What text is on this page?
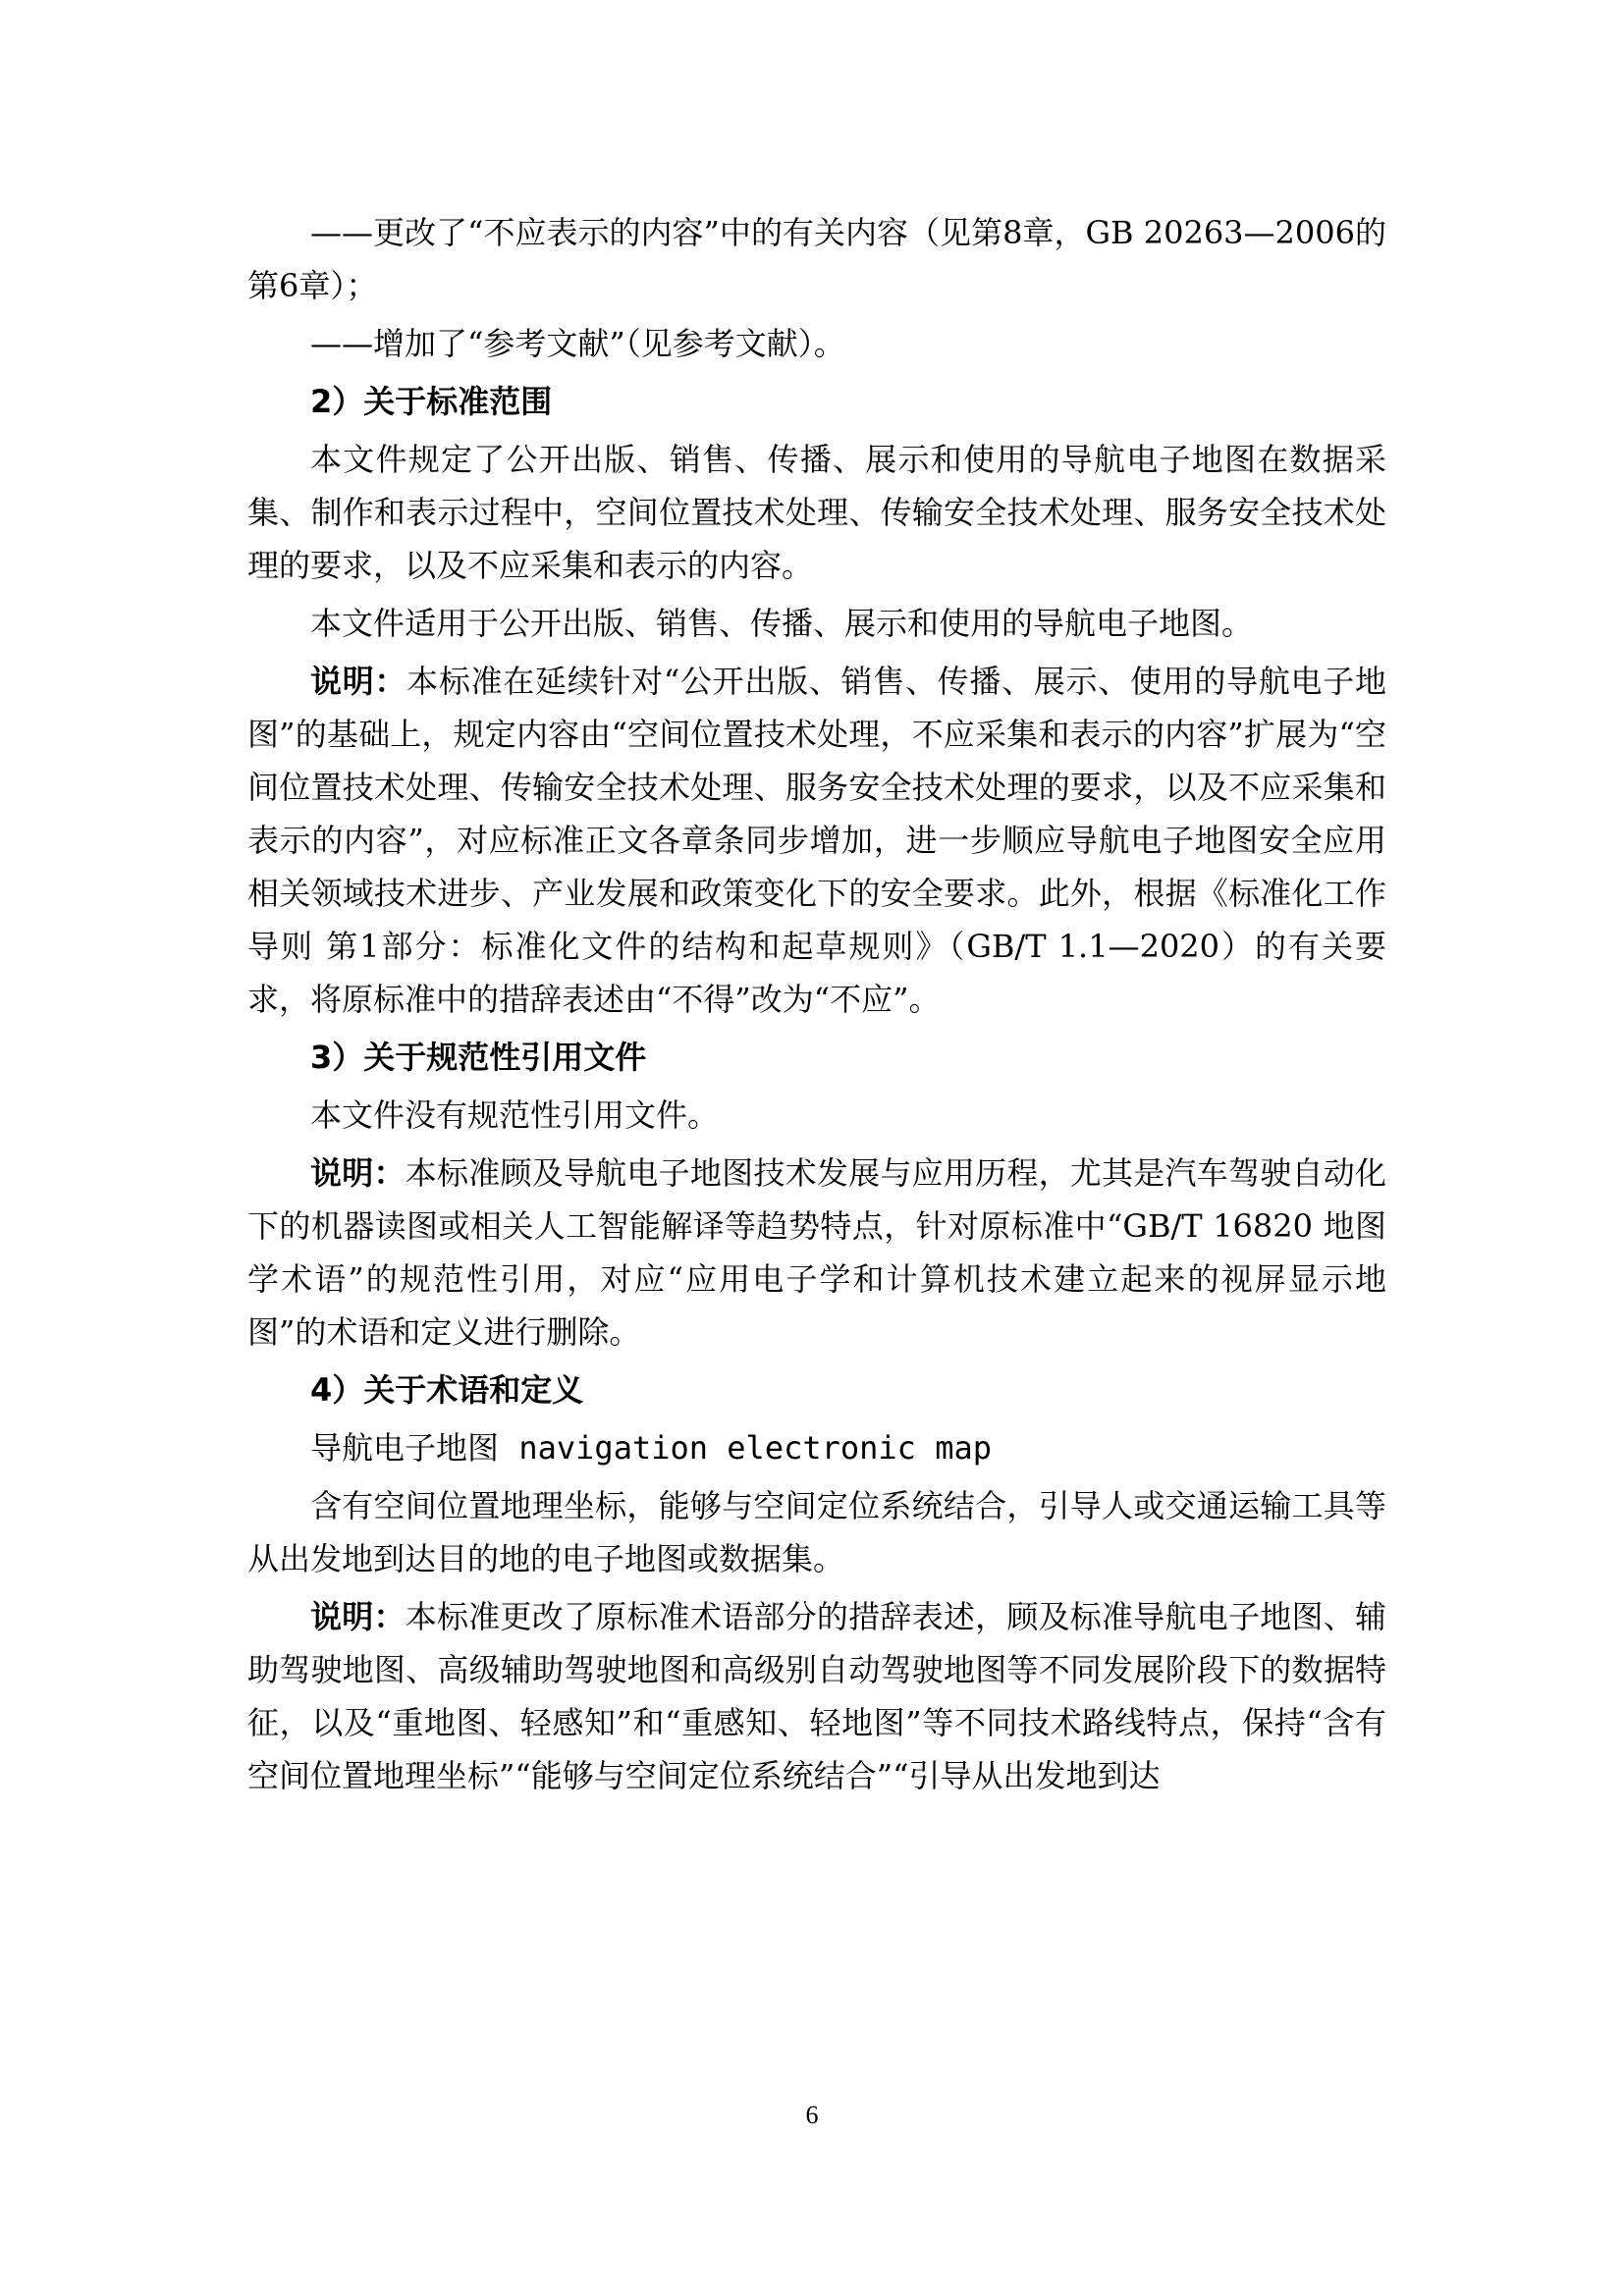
——更改了“不应表示的内容”中的有关内容（见第8章，GB 20263—2006的第6章）；

——增加了“参考文献”（见参考文献）。

2）关于标准范围

本文件规定了公开出版、销售、传播、展示和使用的导航电子地图在数据采集、制作和表示过程中，空间位置技术处理、传输安全技术处理、服务安全技术处理的要求，以及不应采集和表示的内容。

本文件适用于公开出版、销售、传播、展示和使用的导航电子地图。

说明：本标准在延续针对“公开出版、销售、传播、展示、使用的导航电子地图”的基础上，规定内容由“空间位置技术处理，不应采集和表示的内容”扩展为“空间位置技术处理、传输安全技术处理、服务安全技术处理的要求，以及不应采集和表示的内容”，对应标准正文各章条同步增加，进一步顺应导航电子地图安全应用相关领域技术进步、产业发展和政策变化下的安全要求。此外，根据《标准化工作导则 第1部分：标准化文件的结构和起草规则》（GB/T 1.1—2020）的有关要求，将原标准中的措辞表述由“不得”改为“不应”。

3）关于规范性引用文件

本文件没有规范性引用文件。

说明：本标准顾及导航电子地图技术发展与应用历程，尤其是汽车驾驶自动化下的机器读图或相关人工智能解译等趋势特点，针对原标准中“GB/T 16820 地图学术语”的规范性引用，对应“应用电子学和计算机技术建立起来的视屏显示地图”的术语和定义进行删除。

4）关于术语和定义

导航电子地图 navigation electronic map

含有空间位置地理坐标，能够与空间定位系统结合，引导人或交通运输工具等从出发地到达目的地的电子地图或数据集。

说明：本标准更改了原标准术语部分的措辞表述，顾及标准导航电子地图、辅助驾驶地图、高级辅助驾驶地图和高级别自动驾驶地图等不同发展阶段下的数据特征，以及“重地图、轻感知”和“重感知、轻地图”等不同技术路线特点，保持“含有空间位置地理坐标”“能够与空间定位系统结合”“引导从出发地到达

6
